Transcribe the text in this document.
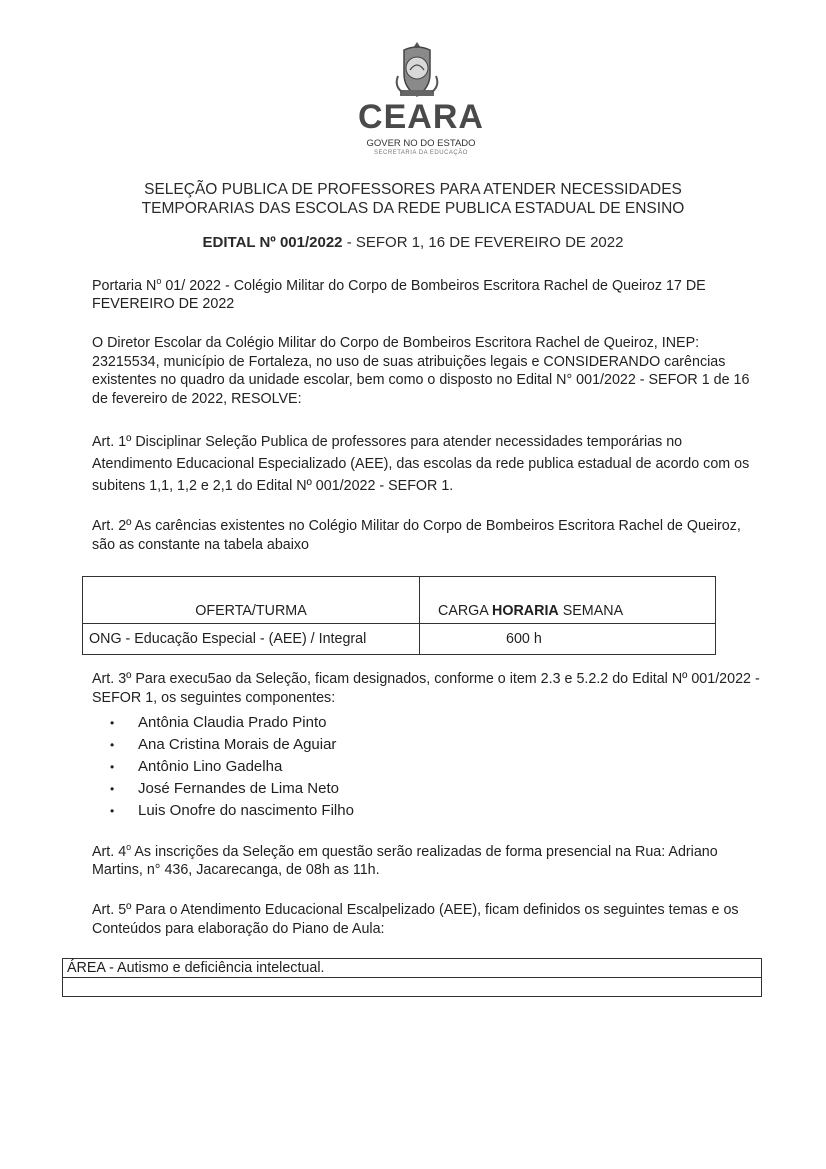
CEARA
GOVER NO DO ESTADO
SECRETARIA DA EDUCAÇÃO
SELEÇÃO PUBLICA DE PROFESSORES PARA ATENDER NECESSIDADES
TEMPORARIAS DAS ESCOLAS DA REDE PUBLICA ESTADUAL DE ENSINO
EDITAL Nº 001/2022 - SEFOR 1, 16 DE FEVEREIRO DE 2022
Portaria $N^o$ 01/ 2022 - Colégio Militar do Corpo de Bombeiros Escritora Rachel de Queiroz 17 DE FEVEREIRO DE 2022
O Diretor Escolar da Colégio Militar do Corpo de Bombeiros Escritora Rachel de Queiroz, INEP: 23215534, município de Fortaleza, no uso de suas atribuições legais e CONSIDERANDO carências existentes no quadro da unidade escolar, bem como o disposto no Edital N° 001/2022 - SEFOR 1 de 16 de fevereiro de 2022, RESOLVE:
Art. 1º Disciplinar Seleção Publica de professores para atender necessidades temporárias no Atendimento Educacional Especializado (AEE), das escolas da rede publica estadual de acordo com os subitens 1,1, 1,2 e 2,1 do Edital Nº 001/2022 - SEFOR 1.
Art. 2º As carências existentes no Colégio Militar do Corpo de Bombeiros Escritora Rachel de Queiroz, são as constante na tabela abaixo
OFERTA/TURMA	CARGA HORARIA SEMANA
ONG - Educação Especial - (AEE) / Integral	600 h
Art. 3º Para execu5ao da Seleção, ficam designados, conforme o item 2.3 e 5.2.2 do Edital Nº 001/2022 - SEFOR 1, os seguintes componentes:
• Antônia Claudia Prado Pinto
• Ana Cristina Morais de Aguiar
• Antônio Lino Gadelha
• José Fernandes de Lima Neto
• Luis Onofre do nascimento Filho
Art. 4$^o$ As inscrições da Seleção em questão serão realizadas de forma presencial na Rua: Adriano Martins, n° 436, Jacarecanga, de 08h as 11h.
Art. 5º Para o Atendimento Educacional Escalpelizado (AEE), ficam definidos os seguintes temas e os Conteúdos para elaboração do Piano de Aula:
ÁREA - Autismo e deficiência intelectual.
